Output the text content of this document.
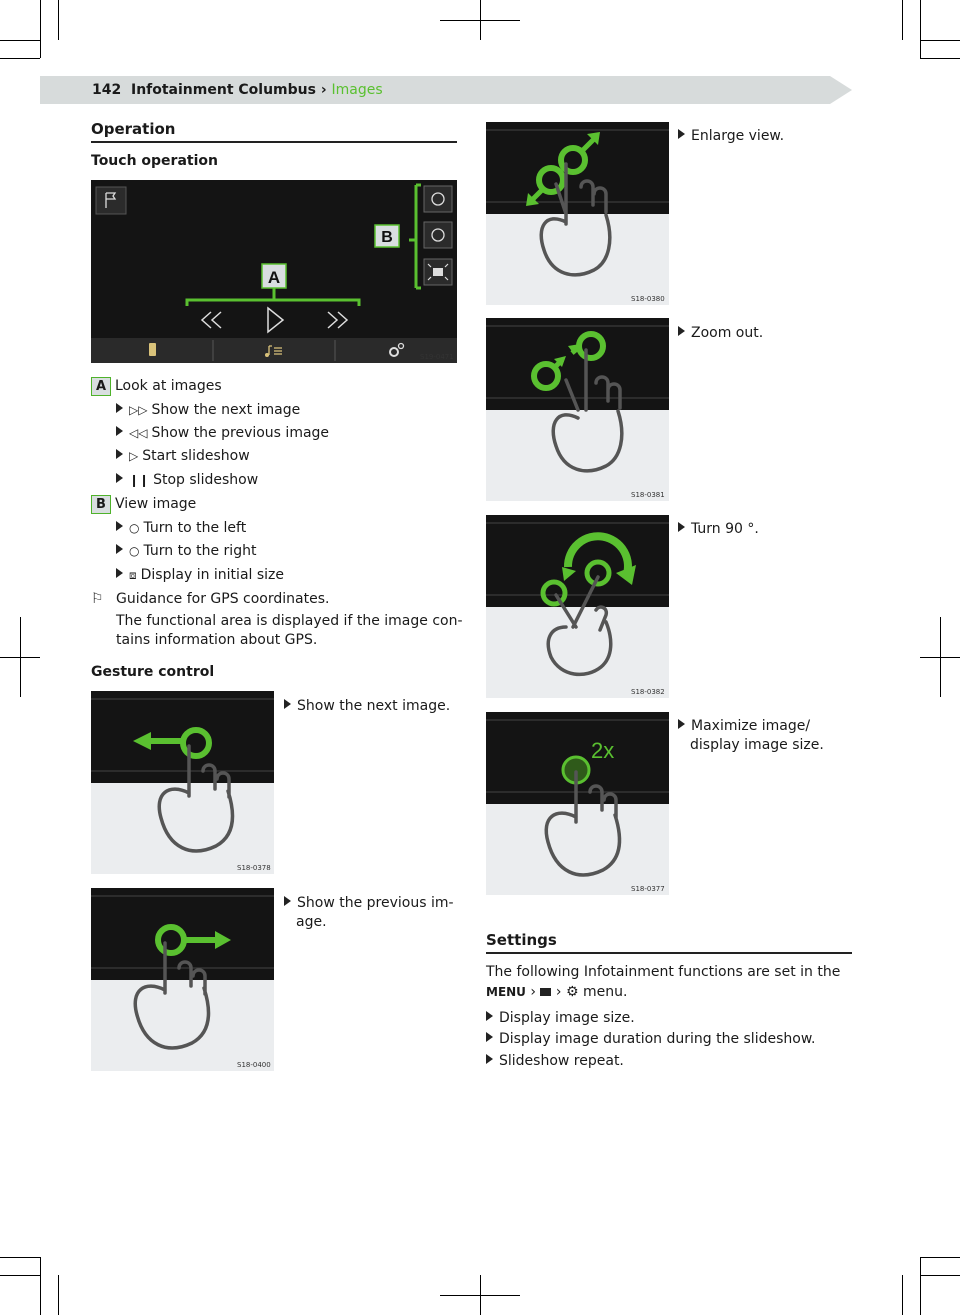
142 Infotainment Columbus › Images
Operation
Touch operation
B
A
S19-0471
A Look at images
▷▷ Show the next image
◁◁ Show the previous image
▷ Start slideshow
❙❙ Stop slideshow
B View image
○ Turn to the left
○ Turn to the right
⧈ Display in initial size
⚐ Guidance for GPS coordinates.
The functional area is displayed if the image con-
tains information about GPS.
Gesture control
S18-0378
Show the next image.
S18-0400
Show the previous im-
age.
S18-0380
Enlarge view.
S18-0381
Zoom out.
S18-0382
Turn 90 °.
2x
S18-0377
Maximize image/
display image size.
Settings
The following Infotainment functions are set in the
MENU › › ⚙ menu.
Display image size.
Display image duration during the slideshow.
Slideshow repeat.
